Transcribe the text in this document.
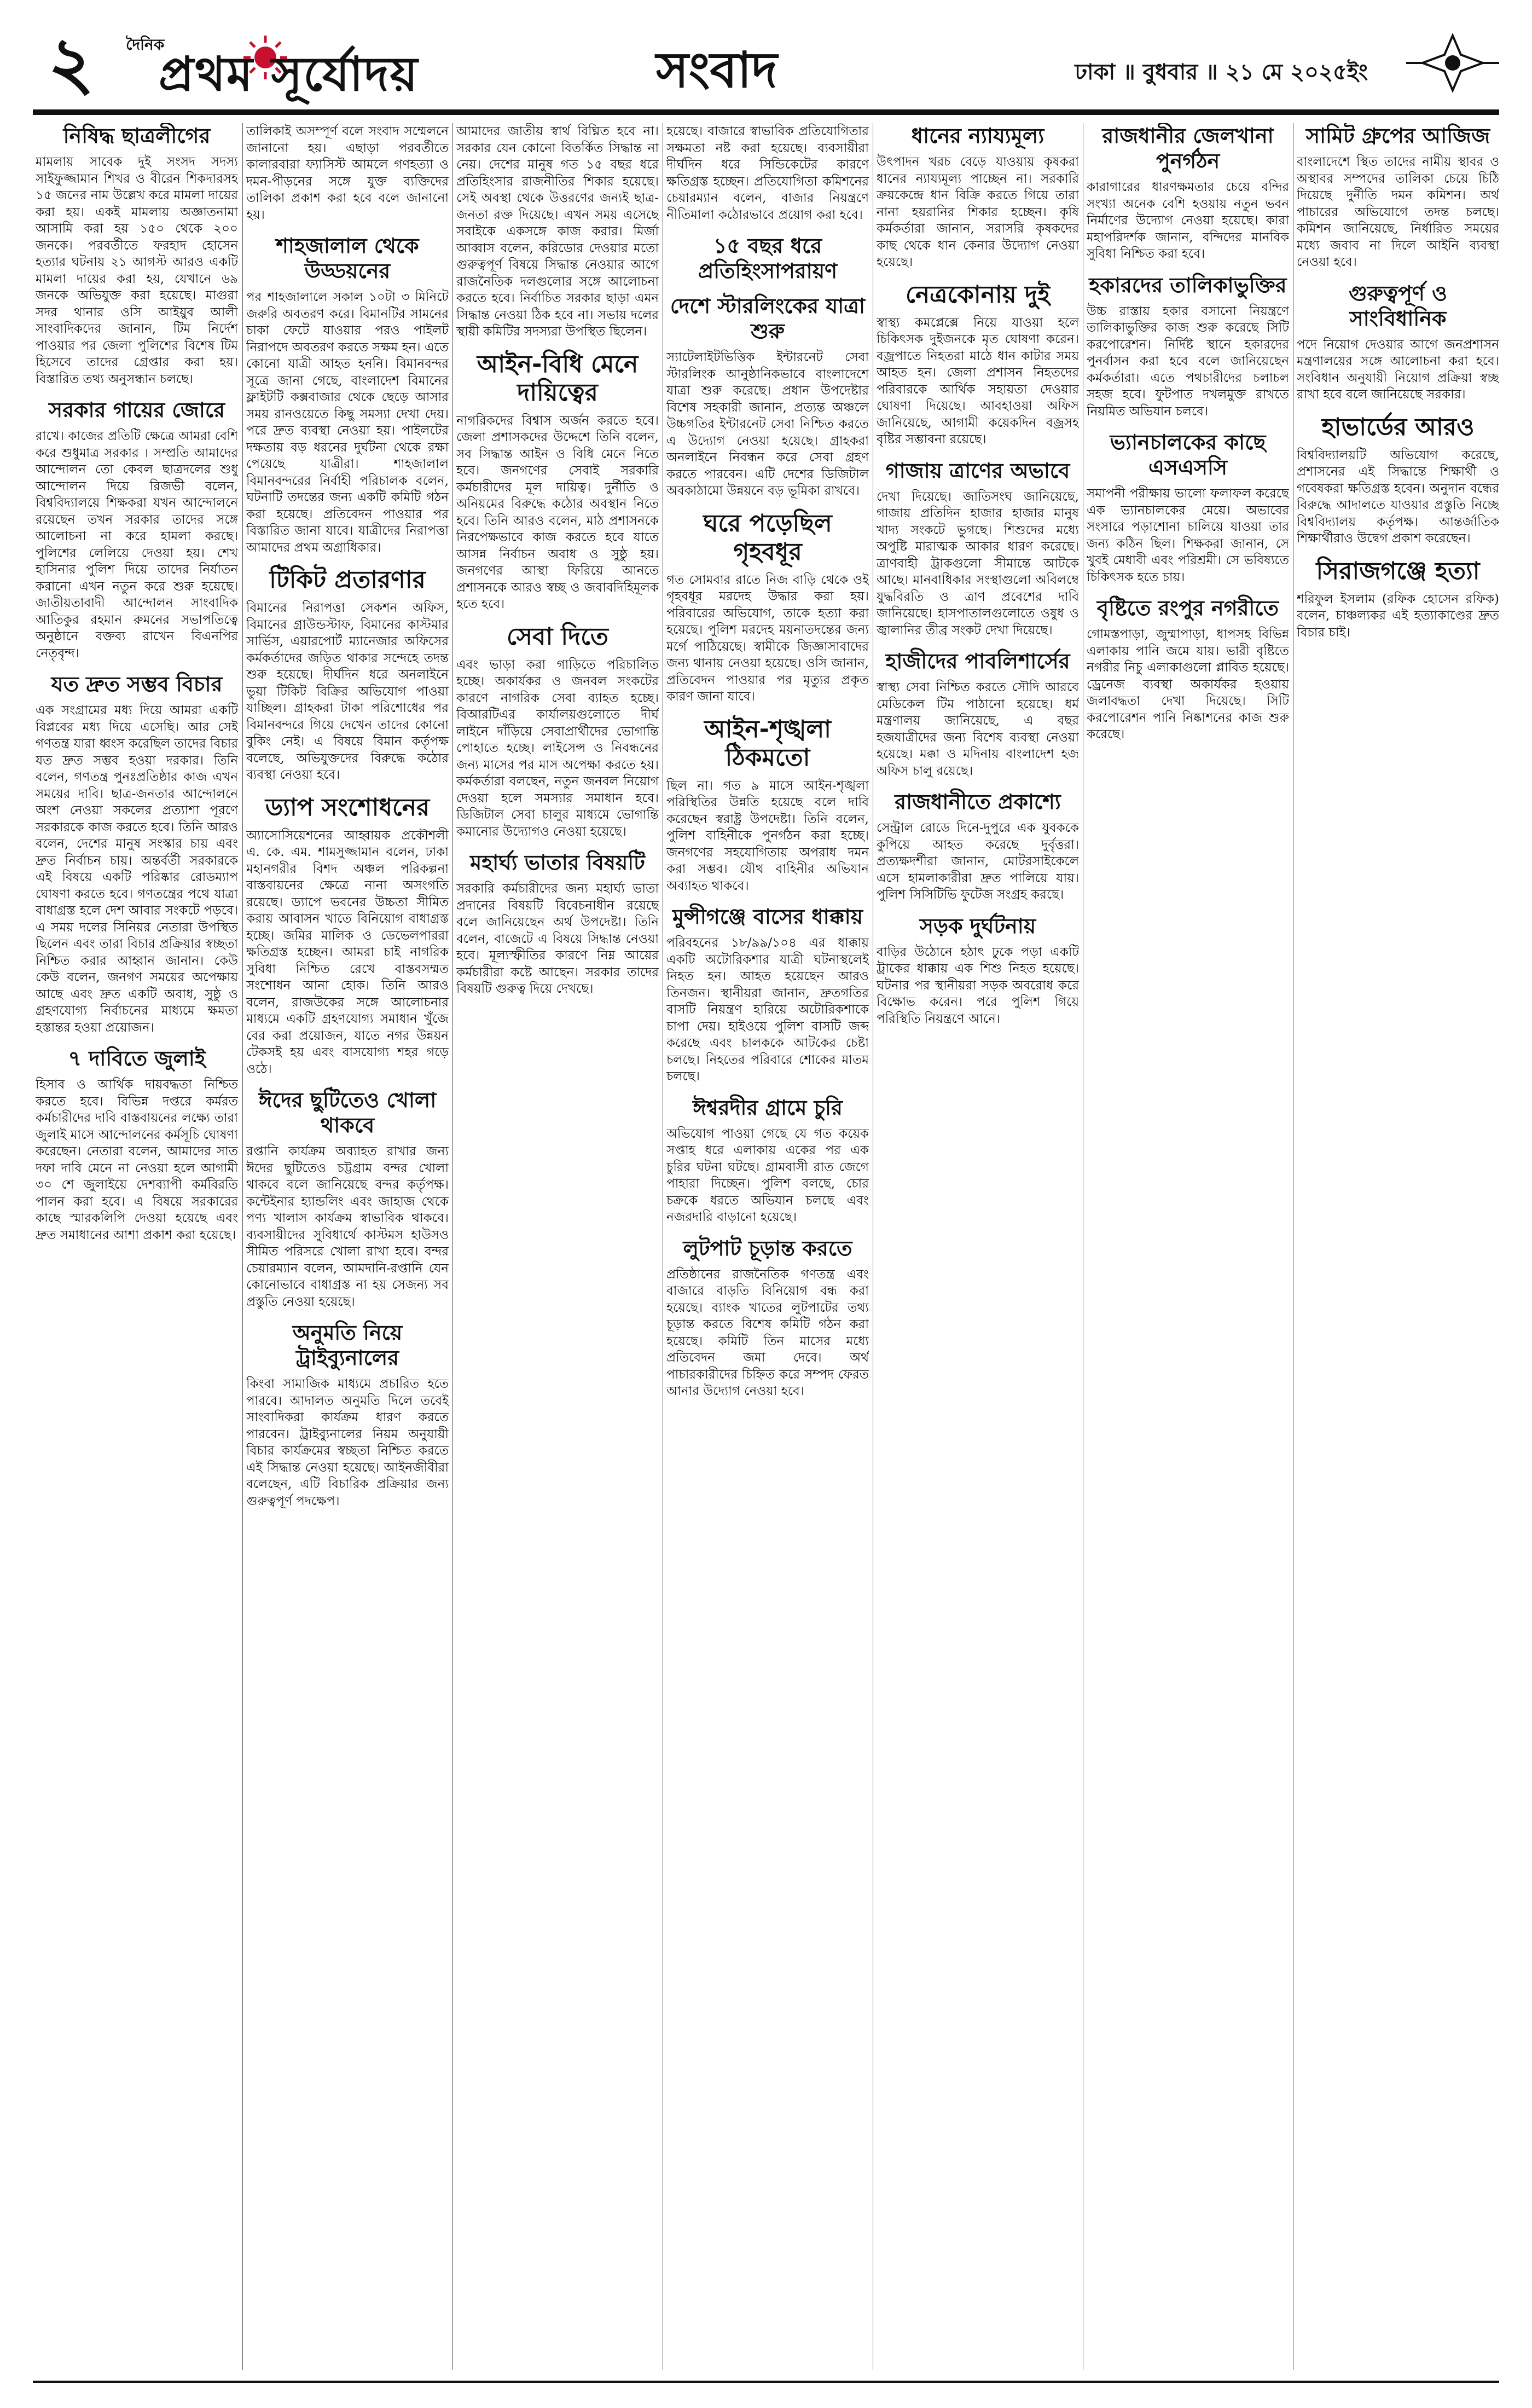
২	দৈনিক
প্রথম সূর্যোদয়	সংবাদ	ঢাকা ॥ বুধবার ॥ ২১ মে ২০২৫ইং
নিষিদ্ধ ছাত্রলীগের

মামলায় সাবেক দুই সংসদ সদস্য সাইফুজ্জামান শিখর ও বীরেন শিকদারসহ ১৫ জনের নাম উল্লেখ করে মামলা দায়ের করা হয়। একই মামলায় অজ্ঞাতনামা আসামি করা হয় ১৫০ থেকে ২০০ জনকে। পরবর্তীতে ফরহাদ হোসেন হত্যার ঘটনায় ২১ আগস্ট আরও একটি মামলা দায়ের করা হয়, যেখানে ৬৯ জনকে অভিযুক্ত করা হয়েছে। মাগুরা সদর থানার ওসি আইয়ুব আলী সাংবাদিকদের জানান, টিম নির্দেশ পাওয়ার পর জেলা পুলিশের বিশেষ টিম হিসেবে তাদের গ্রেপ্তার করা হয়। বিস্তারিত তথ্য অনুসন্ধান চলছে।

সরকার গায়ের জোরে

রাখে। কাজের প্রতিটি ক্ষেত্রে আমরা বেশি করে শুধুমাত্র সরকার । সম্প্রতি আমাদের আন্দোলন তো কেবল ছাত্রদলের শুধু আন্দোলন দিয়ে রিজভী বলেন, বিশ্ববিদ্যালয়ে শিক্ষকরা যখন আন্দোলনে রয়েছেন তখন সরকার তাদের সঙ্গে আলোচনা না করে হামলা করছে। পুলিশের লেলিয়ে দেওয়া হয়। শেখ হাসিনার পুলিশ দিয়ে তাদের নির্যাতন করানো এখন নতুন করে শুরু হয়েছে। জাতীয়তাবাদী আন্দোলন সাংবাদিক আতিকুর রহমান রুমনের সভাপতিত্বে অনুষ্ঠানে বক্তব্য রাখেন বিএনপির নেতৃবৃন্দ।

যত দ্রুত সম্ভব বিচার

এক সংগ্রামের মধ্য দিয়ে আমরা একটি বিপ্লবের মধ্য দিয়ে এসেছি। আর সেই গণতন্ত্র যারা ধ্বংস করেছিল তাদের বিচার যত দ্রুত সম্ভব হওয়া দরকার। তিনি বলেন, গণতন্ত্র পুনঃপ্রতিষ্ঠার কাজ এখন সময়ের দাবি। ছাত্র-জনতার আন্দোলনে অংশ নেওয়া সকলের প্রত্যাশা পূরণে সরকারকে কাজ করতে হবে। তিনি আরও বলেন, দেশের মানুষ সংস্কার চায় এবং দ্রুত নির্বাচন চায়। অন্তর্বর্তী সরকারকে এই বিষয়ে একটি পরিষ্কার রোডম্যাপ ঘোষণা করতে হবে। গণতন্ত্রের পথে যাত্রা বাধাগ্রস্ত হলে দেশ আবার সংকটে পড়বে। এ সময় দলের সিনিয়র নেতারা উপস্থিত ছিলেন এবং তারা বিচার প্রক্রিয়ার স্বচ্ছতা নিশ্চিত করার আহ্বান জানান। কেউ কেউ বলেন, জনগণ সময়ের অপেক্ষায় আছে এবং দ্রুত একটি অবাধ, সুষ্ঠু ও গ্রহণযোগ্য নির্বাচনের মাধ্যমে ক্ষমতা হস্তান্তর হওয়া প্রয়োজন।

৭ দাবিতে জুলাই

হিসাব ও আর্থিক দায়বদ্ধতা নিশ্চিত করতে হবে। বিভিন্ন দপ্তরে কর্মরত কর্মচারীদের দাবি বাস্তবায়নের লক্ষ্যে তারা জুলাই মাসে আন্দোলনের কর্মসূচি ঘোষণা করেছেন। নেতারা বলেন, আমাদের সাত দফা দাবি মেনে না নেওয়া হলে আগামী ৩০ শে জুলাইয়ে দেশব্যাপী কর্মবিরতি পালন করা হবে। এ বিষয়ে সরকারের কাছে স্মারকলিপি দেওয়া হয়েছে এবং দ্রুত সমাধানের আশা প্রকাশ করা হয়েছে।

তালিকাই অসম্পূর্ণ বলে সংবাদ সম্মেলনে জানানো হয়। এছাড়া পরবর্তীতে কালারবারা ফ্যাসিস্ট আমলে গণহত্যা ও দমন-পীড়নের সঙ্গে যুক্ত ব্যক্তিদের তালিকা প্রকাশ করা হবে বলে জানানো হয়।

শাহজালাল থেকে উড্ডয়নের

পর শাহজালালে সকাল ১০টা ৩ মিনিটে জরুরি অবতরণ করে। বিমানটির সামনের চাকা ফেটে যাওয়ার পরও পাইলট নিরাপদে অবতরণ করতে সক্ষম হন। এতে কোনো যাত্রী আহত হননি। বিমানবন্দর সূত্রে জানা গেছে, বাংলাদেশ বিমানের ফ্লাইটটি কক্সবাজার থেকে ছেড়ে আসার সময় রানওয়েতে কিছু সমস্যা দেখা দেয়। পরে দ্রুত ব্যবস্থা নেওয়া হয়। পাইলটের দক্ষতায় বড় ধরনের দুর্ঘটনা থেকে রক্ষা পেয়েছে যাত্রীরা। শাহজালাল বিমানবন্দরের নির্বাহী পরিচালক বলেন, ঘটনাটি তদন্তের জন্য একটি কমিটি গঠন করা হয়েছে। প্রতিবেদন পাওয়ার পর বিস্তারিত জানা যাবে। যাত্রীদের নিরাপত্তা আমাদের প্রথম অগ্রাধিকার।

টিকিট প্রতারণার

বিমানের নিরাপত্তা সেকশন অফিস, বিমানের গ্রাউন্ডস্টাফ, বিমানের কাস্টমার সার্ভিস, এয়ারপোর্ট ম্যানেজার অফিসের কর্মকর্তাদের জড়িত থাকার সন্দেহে তদন্ত শুরু হয়েছে। দীর্ঘদিন ধরে অনলাইনে ভুয়া টিকিট বিক্রির অভিযোগ পাওয়া যাচ্ছিল। গ্রাহকরা টাকা পরিশোধের পর বিমানবন্দরে গিয়ে দেখেন তাদের কোনো বুকিং নেই। এ বিষয়ে বিমান কর্তৃপক্ষ বলেছে, অভিযুক্তদের বিরুদ্ধে কঠোর ব্যবস্থা নেওয়া হবে।

ড্যাপ সংশোধনের

অ্যাসোসিয়েশনের আহ্বায়ক প্রকৌশলী এ. কে. এম. শামসুজ্জামান বলেন, ঢাকা মহানগরীর বিশদ অঞ্চল পরিকল্পনা বাস্তবায়নের ক্ষেত্রে নানা অসংগতি রয়েছে। ড্যাপে ভবনের উচ্চতা সীমিত করায় আবাসন খাতে বিনিয়োগ বাধাগ্রস্ত হচ্ছে। জমির মালিক ও ডেভেলপাররা ক্ষতিগ্রস্ত হচ্ছেন। আমরা চাই নাগরিক সুবিধা নিশ্চিত রেখে বাস্তবসম্মত সংশোধন আনা হোক। তিনি আরও বলেন, রাজউকের সঙ্গে আলোচনার মাধ্যমে একটি গ্রহণযোগ্য সমাধান খুঁজে বের করা প্রয়োজন, যাতে নগর উন্নয়ন টেকসই হয় এবং বাসযোগ্য শহর গড়ে ওঠে।

ঈদের ছুটিতেও খোলা থাকবে

রপ্তানি কার্যক্রম অব্যাহত রাখার জন্য ঈদের ছুটিতেও চট্টগ্রাম বন্দর খোলা থাকবে বলে জানিয়েছে বন্দর কর্তৃপক্ষ। কন্টেইনার হ্যান্ডলিং এবং জাহাজ থেকে পণ্য খালাস কার্যক্রম স্বাভাবিক থাকবে। ব্যবসায়ীদের সুবিধার্থে কাস্টমস হাউসও সীমিত পরিসরে খোলা রাখা হবে। বন্দর চেয়ারম্যান বলেন, আমদানি-রপ্তানি যেন কোনোভাবে বাধাগ্রস্ত না হয় সেজন্য সব প্রস্তুতি নেওয়া হয়েছে।

অনুমতি নিয়ে ট্রাইব্যুনালের

কিংবা সামাজিক মাধ্যমে প্রচারিত হতে পারবে। আদালত অনুমতি দিলে তবেই সাংবাদিকরা কার্যক্রম ধারণ করতে পারবেন। ট্রাইব্যুনালের নিয়ম অনুযায়ী বিচার কার্যক্রমের স্বচ্ছতা নিশ্চিত করতে এই সিদ্ধান্ত নেওয়া হয়েছে। আইনজীবীরা বলেছেন, এটি বিচারিক প্রক্রিয়ার জন্য গুরুত্বপূর্ণ পদক্ষেপ।

আমাদের জাতীয় স্বার্থ বিঘ্নিত হবে না। সরকার যেন কোনো বিতর্কিত সিদ্ধান্ত না নেয়। দেশের মানুষ গত ১৫ বছর ধরে প্রতিহিংসার রাজনীতির শিকার হয়েছে। সেই অবস্থা থেকে উত্তরণের জন্যই ছাত্র-জনতা রক্ত দিয়েছে। এখন সময় এসেছে সবাইকে একসঙ্গে কাজ করার। মির্জা আব্বাস বলেন, করিডোর দেওয়ার মতো গুরুত্বপূর্ণ বিষয়ে সিদ্ধান্ত নেওয়ার আগে রাজনৈতিক দলগুলোর সঙ্গে আলোচনা করতে হবে। নির্বাচিত সরকার ছাড়া এমন সিদ্ধান্ত নেওয়া ঠিক হবে না। সভায় দলের স্থায়ী কমিটির সদস্যরা উপস্থিত ছিলেন।

আইন-বিধি মেনে দায়িত্বের

নাগরিকদের বিশ্বাস অর্জন করতে হবে। জেলা প্রশাসকদের উদ্দেশে তিনি বলেন, সব সিদ্ধান্ত আইন ও বিধি মেনে নিতে হবে। জনগণের সেবাই সরকারি কর্মচারীদের মূল দায়িত্ব। দুর্নীতি ও অনিয়মের বিরুদ্ধে কঠোর অবস্থান নিতে হবে। তিনি আরও বলেন, মাঠ প্রশাসনকে নিরপেক্ষভাবে কাজ করতে হবে যাতে আসন্ন নির্বাচন অবাধ ও সুষ্ঠু হয়। জনগণের আস্থা ফিরিয়ে আনতে প্রশাসনকে আরও স্বচ্ছ ও জবাবদিহিমূলক হতে হবে।

সেবা দিতে

এবং ভাড়া করা গাড়িতে পরিচালিত হচ্ছে। অকার্যকর ও জনবল সংকটের কারণে নাগরিক সেবা ব্যাহত হচ্ছে। বিআরটিএর কার্যালয়গুলোতে দীর্ঘ লাইনে দাঁড়িয়ে সেবাপ্রার্থীদের ভোগান্তি পোহাতে হচ্ছে। লাইসেন্স ও নিবন্ধনের জন্য মাসের পর মাস অপেক্ষা করতে হয়। কর্মকর্তারা বলছেন, নতুন জনবল নিয়োগ দেওয়া হলে সমস্যার সমাধান হবে। ডিজিটাল সেবা চালুর মাধ্যমে ভোগান্তি কমানোর উদ্যোগও নেওয়া হয়েছে।

মহার্ঘ্য ভাতার বিষয়টি

সরকারি কর্মচারীদের জন্য মহার্ঘ্য ভাতা প্রদানের বিষয়টি বিবেচনাধীন রয়েছে বলে জানিয়েছেন অর্থ উপদেষ্টা। তিনি বলেন, বাজেটে এ বিষয়ে সিদ্ধান্ত নেওয়া হবে। মূল্যস্ফীতির কারণে নিম্ন আয়ের কর্মচারীরা কষ্টে আছেন। সরকার তাদের বিষয়টি গুরুত্ব দিয়ে দেখছে।

হয়েছে। বাজারে স্বাভাবিক প্রতিযোগিতার সক্ষমতা নষ্ট করা হয়েছে। ব্যবসায়ীরা দীর্ঘদিন ধরে সিন্ডিকেটের কারণে ক্ষতিগ্রস্ত হচ্ছেন। প্রতিযোগিতা কমিশনের চেয়ারম্যান বলেন, বাজার নিয়ন্ত্রণে নীতিমালা কঠোরভাবে প্রয়োগ করা হবে।

১৫ বছর ধরে প্রতিহিংসাপরায়ণ
দেশে স্টারলিংকের যাত্রা শুরু

স্যাটেলাইটভিত্তিক ইন্টারনেট সেবা স্টারলিংক আনুষ্ঠানিকভাবে বাংলাদেশে যাত্রা শুরু করেছে। প্রধান উপদেষ্টার বিশেষ সহকারী জানান, প্রত্যন্ত অঞ্চলে উচ্চগতির ইন্টারনেট সেবা নিশ্চিত করতে এ উদ্যোগ নেওয়া হয়েছে। গ্রাহকরা অনলাইনে নিবন্ধন করে সেবা গ্রহণ করতে পারবেন। এটি দেশের ডিজিটাল অবকাঠামো উন্নয়নে বড় ভূমিকা রাখবে।

ঘরে পড়েছিল গৃহবধূর

গত সোমবার রাতে নিজ বাড়ি থেকে ওই গৃহবধূর মরদেহ উদ্ধার করা হয়। পরিবারের অভিযোগ, তাকে হত্যা করা হয়েছে। পুলিশ মরদেহ ময়নাতদন্তের জন্য মর্গে পাঠিয়েছে। স্বামীকে জিজ্ঞাসাবাদের জন্য থানায় নেওয়া হয়েছে। ওসি জানান, প্রতিবেদন পাওয়ার পর মৃত্যুর প্রকৃত কারণ জানা যাবে।

আইন-শৃঙ্খলা ঠিকমতো

ছিল না। গত ৯ মাসে আইন-শৃঙ্খলা পরিস্থিতির উন্নতি হয়েছে বলে দাবি করেছেন স্বরাষ্ট্র উপদেষ্টা। তিনি বলেন, পুলিশ বাহিনীকে পুনর্গঠন করা হচ্ছে। জনগণের সহযোগিতায় অপরাধ দমন করা সম্ভব। যৌথ বাহিনীর অভিযান অব্যাহত থাকবে।

মুন্সীগঞ্জে বাসের ধাক্কায়

পরিবহনের ১৮/৯৯/১০৪ এর ধাক্কায় একটি অটোরিকশার যাত্রী ঘটনাস্থলেই নিহত হন। আহত হয়েছেন আরও তিনজন। স্থানীয়রা জানান, দ্রুতগতির বাসটি নিয়ন্ত্রণ হারিয়ে অটোরিকশাকে চাপা দেয়। হাইওয়ে পুলিশ বাসটি জব্দ করেছে এবং চালককে আটকের চেষ্টা চলছে। নিহতের পরিবারে শোকের মাতম চলছে।

ঈশ্বরদীর গ্রামে চুরি

অভিযোগ পাওয়া গেছে যে গত কয়েক সপ্তাহ ধরে এলাকায় একের পর এক চুরির ঘটনা ঘটছে। গ্রামবাসী রাত জেগে পাহারা দিচ্ছেন। পুলিশ বলছে, চোর চক্রকে ধরতে অভিযান চলছে এবং নজরদারি বাড়ানো হয়েছে।

লুটপাট চূড়ান্ত করতে

প্রতিষ্ঠানের রাজনৈতিক গণতন্ত্র এবং বাজারে বাড়তি বিনিয়োগ বন্ধ করা হয়েছে। ব্যাংক খাতের লুটপাটের তথ্য চূড়ান্ত করতে বিশেষ কমিটি গঠন করা হয়েছে। কমিটি তিন মাসের মধ্যে প্রতিবেদন জমা দেবে। অর্থ পাচারকারীদের চিহ্নিত করে সম্পদ ফেরত আনার উদ্যোগ নেওয়া হবে।

ধানের ন্যায্যমূল্য

উৎপাদন খরচ বেড়ে যাওয়ায় কৃষকরা ধানের ন্যায্যমূল্য পাচ্ছেন না। সরকারি ক্রয়কেন্দ্রে ধান বিক্রি করতে গিয়ে তারা নানা হয়রানির শিকার হচ্ছেন। কৃষি কর্মকর্তারা জানান, সরাসরি কৃষকদের কাছ থেকে ধান কেনার উদ্যোগ নেওয়া হয়েছে।

নেত্রকোনায় দুই

স্বাস্থ্য কমপ্লেক্সে নিয়ে যাওয়া হলে চিকিৎসক দুইজনকে মৃত ঘোষণা করেন। বজ্রপাতে নিহতরা মাঠে ধান কাটার সময় আহত হন। জেলা প্রশাসন নিহতদের পরিবারকে আর্থিক সহায়তা দেওয়ার ঘোষণা দিয়েছে। আবহাওয়া অফিস জানিয়েছে, আগামী কয়েকদিন বজ্রসহ বৃষ্টির সম্ভাবনা রয়েছে।

গাজায় ত্রাণের অভাবে

দেখা দিয়েছে। জাতিসংঘ জানিয়েছে, গাজায় প্রতিদিন হাজার হাজার মানুষ খাদ্য সংকটে ভুগছে। শিশুদের মধ্যে অপুষ্টি মারাত্মক আকার ধারণ করেছে। ত্রাণবাহী ট্রাকগুলো সীমান্তে আটকে আছে। মানবাধিকার সংস্থাগুলো অবিলম্বে যুদ্ধবিরতি ও ত্রাণ প্রবেশের দাবি জানিয়েছে। হাসপাতালগুলোতে ওষুধ ও জ্বালানির তীব্র সংকট দেখা দিয়েছে।

হাজীদের পাবলিশার্সের

স্বাস্থ্য সেবা নিশ্চিত করতে সৌদি আরবে মেডিকেল টিম পাঠানো হয়েছে। ধর্ম মন্ত্রণালয় জানিয়েছে, এ বছর হজযাত্রীদের জন্য বিশেষ ব্যবস্থা নেওয়া হয়েছে। মক্কা ও মদিনায় বাংলাদেশ হজ অফিস চালু রয়েছে।

রাজধানীতে প্রকাশ্যে

সেন্ট্রাল রোডে দিনে-দুপুরে এক যুবককে কুপিয়ে আহত করেছে দুর্বৃত্তরা। প্রত্যক্ষদর্শীরা জানান, মোটরসাইকেলে এসে হামলাকারীরা দ্রুত পালিয়ে যায়। পুলিশ সিসিটিভি ফুটেজ সংগ্রহ করছে।

সড়ক দুর্ঘটনায়

বাড়ির উঠোনে হঠাৎ ঢুকে পড়া একটি ট্রাকের ধাক্কায় এক শিশু নিহত হয়েছে। ঘটনার পর স্থানীয়রা সড়ক অবরোধ করে বিক্ষোভ করেন। পরে পুলিশ গিয়ে পরিস্থিতি নিয়ন্ত্রণে আনে।

রাজধানীর জেলখানা পুনর্গঠন

কারাগারের ধারণক্ষমতার চেয়ে বন্দির সংখ্যা অনেক বেশি হওয়ায় নতুন ভবন নির্মাণের উদ্যোগ নেওয়া হয়েছে। কারা মহাপরিদর্শক জানান, বন্দিদের মানবিক সুবিধা নিশ্চিত করা হবে।

হকারদের তালিকাভুক্তির

উচ্চ রাস্তায় হকার বসানো নিয়ন্ত্রণে তালিকাভুক্তির কাজ শুরু করেছে সিটি করপোরেশন। নির্দিষ্ট স্থানে হকারদের পুনর্বাসন করা হবে বলে জানিয়েছেন কর্মকর্তারা। এতে পথচারীদের চলাচল সহজ হবে। ফুটপাত দখলমুক্ত রাখতে নিয়মিত অভিযান চলবে।

ভ্যানচালকের কাছে এসএসসি

সমাপনী পরীক্ষায় ভালো ফলাফল করেছে এক ভ্যানচালকের মেয়ে। অভাবের সংসারে পড়াশোনা চালিয়ে যাওয়া তার জন্য কঠিন ছিল। শিক্ষকরা জানান, সে খুবই মেধাবী এবং পরিশ্রমী। সে ভবিষ্যতে চিকিৎসক হতে চায়।

বৃষ্টিতে রংপুর নগরীতে

গোমস্তপাড়া, জুম্মাপাড়া, ধাপসহ বিভিন্ন এলাকায় পানি জমে যায়। ভারী বৃষ্টিতে নগরীর নিচু এলাকাগুলো প্লাবিত হয়েছে। ড্রেনেজ ব্যবস্থা অকার্যকর হওয়ায় জলাবদ্ধতা দেখা দিয়েছে। সিটি করপোরেশন পানি নিষ্কাশনের কাজ শুরু করেছে।

সামিট গ্রুপের আজিজ

বাংলাদেশে স্থিত তাদের নামীয় স্থাবর ও অস্থাবর সম্পদের তালিকা চেয়ে চিঠি দিয়েছে দুর্নীতি দমন কমিশন। অর্থ পাচারের অভিযোগে তদন্ত চলছে। কমিশন জানিয়েছে, নির্ধারিত সময়ের মধ্যে জবাব না দিলে আইনি ব্যবস্থা নেওয়া হবে।

গুরুত্বপূর্ণ ও সাংবিধানিক

পদে নিয়োগ দেওয়ার আগে জনপ্রশাসন মন্ত্রণালয়ের সঙ্গে আলোচনা করা হবে। সংবিধান অনুযায়ী নিয়োগ প্রক্রিয়া স্বচ্ছ রাখা হবে বলে জানিয়েছে সরকার।

হাভার্ডের আরও

বিশ্ববিদ্যালয়টি অভিযোগ করেছে, প্রশাসনের এই সিদ্ধান্তে শিক্ষার্থী ও গবেষকরা ক্ষতিগ্রস্ত হবেন। অনুদান বন্ধের বিরুদ্ধে আদালতে যাওয়ার প্রস্তুতি নিচ্ছে বিশ্ববিদ্যালয় কর্তৃপক্ষ। আন্তর্জাতিক শিক্ষার্থীরাও উদ্বেগ প্রকাশ করেছেন।

সিরাজগঞ্জে হত্যা

শরিফুল ইসলাম (রফিক হোসেন রফিক) বলেন, চাঞ্চল্যকর এই হত্যাকাণ্ডের দ্রুত বিচার চাই।
